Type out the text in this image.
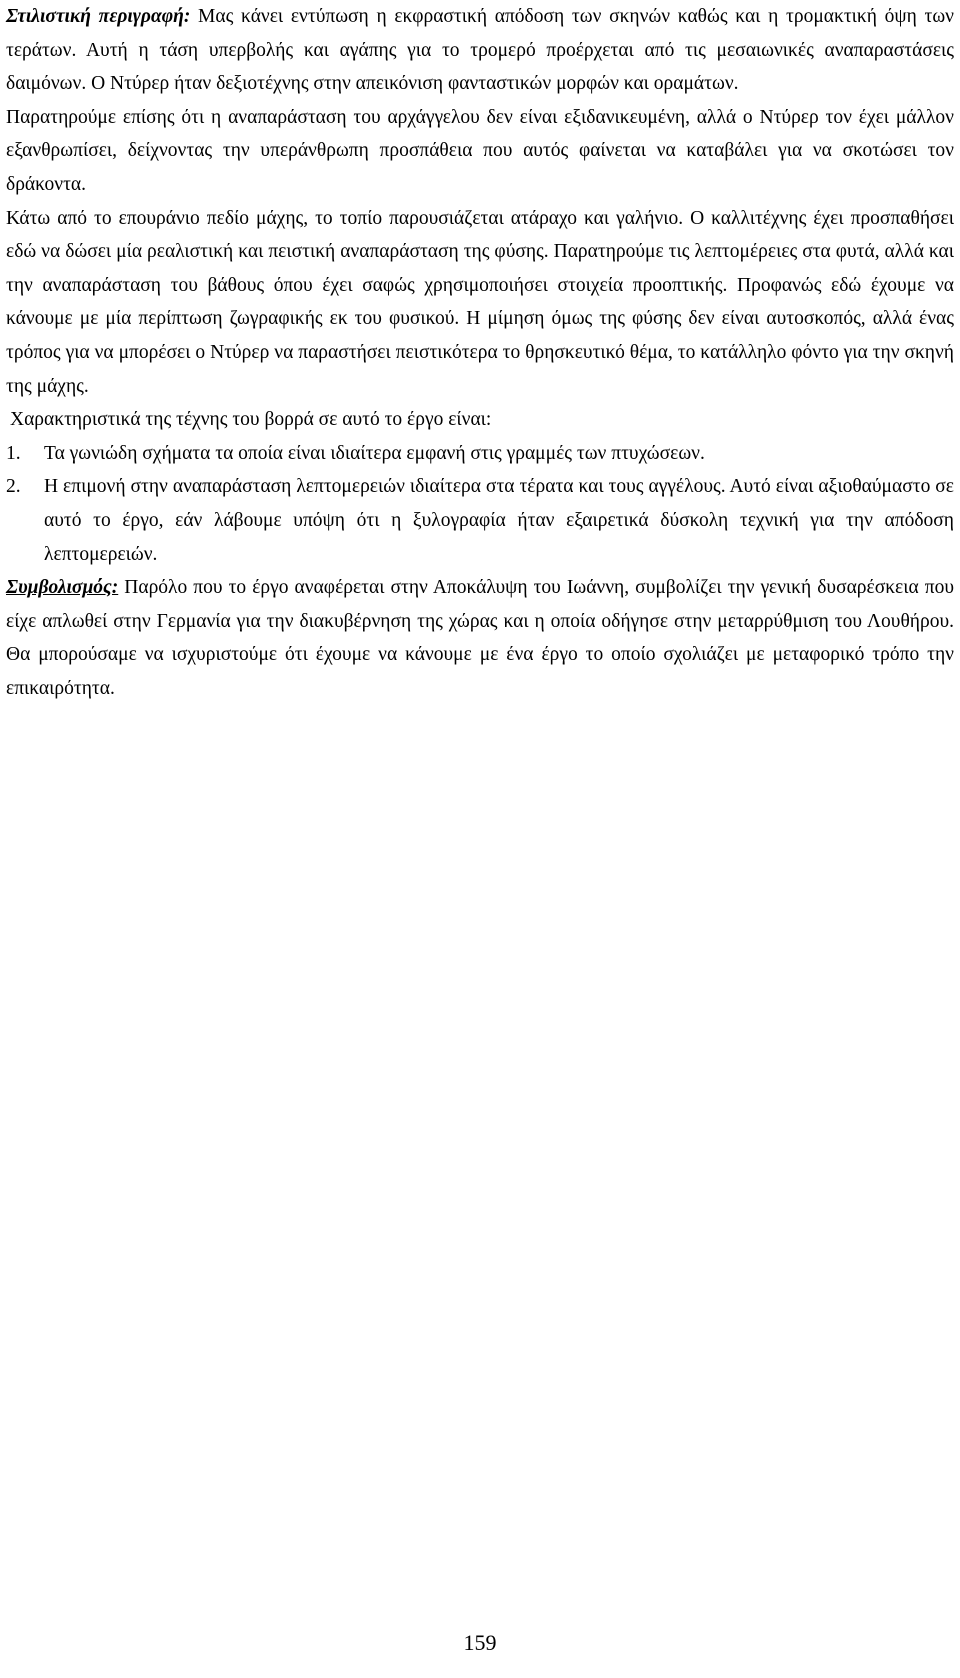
Στιλιστική περιγραφή: Μας κάνει εντύπωση η εκφραστική απόδοση των σκηνών καθώς και η τρομακτική όψη των τεράτων. Αυτή η τάση υπερβολής και αγάπης για το τρομερό προέρχεται από τις μεσαιωνικές αναπαραστάσεις δαιμόνων. Ο Ντύρερ ήταν δεξιοτέχνης στην απεικόνιση φανταστικών μορφών και οραμάτων.

Παρατηρούμε επίσης ότι η αναπαράσταση του αρχάγγελου δεν είναι εξιδανικευμένη, αλλά ο Ντύρερ τον έχει μάλλον εξανθρωπίσει, δείχνοντας την υπεράνθρωπη προσπάθεια που αυτός φαίνεται να καταβάλει για να σκοτώσει τον δράκοντα.

Κάτω από το επουράνιο πεδίο μάχης, το τοπίο παρουσιάζεται ατάραχο και γαλήνιο. Ο καλλιτέχνης έχει προσπαθήσει εδώ να δώσει μία ρεαλιστική και πειστική αναπαράσταση της φύσης. Παρατηρούμε τις λεπτομέρειες στα φυτά, αλλά και την αναπαράσταση του βάθους όπου έχει σαφώς χρησιμοποιήσει στοιχεία προοπτικής. Προφανώς εδώ έχουμε να κάνουμε με μία περίπτωση ζωγραφικής εκ του φυσικού. Η μίμηση όμως της φύσης δεν είναι αυτοσκοπός, αλλά ένας τρόπος για να μπορέσει ο Ντύρερ να παραστήσει πειστικότερα το θρησκευτικό θέμα, το κατάλληλο φόντο για την σκηνή της μάχης.

Χαρακτηριστικά της τέχνης του βορρά σε αυτό το έργο είναι:

1.	Τα γωνιώδη σχήματα τα οποία είναι ιδιαίτερα εμφανή στις γραμμές των πτυχώσεων.
2.	Η επιμονή στην αναπαράσταση λεπτομερειών ιδιαίτερα στα τέρατα και τους αγγέλους. Αυτό είναι αξιοθαύμαστο σε αυτό το έργο, εάν λάβουμε υπόψη ότι η ξυλογραφία ήταν εξαιρετικά δύσκολη τεχνική για την απόδοση λεπτομερειών.

Συμβολισμός: Παρόλο που το έργο αναφέρεται στην Αποκάλυψη του Ιωάννη, συμβολίζει την γενική δυσαρέσκεια που είχε απλωθεί στην Γερμανία για την διακυβέρνηση της χώρας και η οποία οδήγησε στην μεταρρύθμιση του Λουθήρου. Θα μπορούσαμε να ισχυριστούμε ότι έχουμε να κάνουμε με ένα έργο το οποίο σχολιάζει με μεταφορικό τρόπο την επικαιρότητα.

159
